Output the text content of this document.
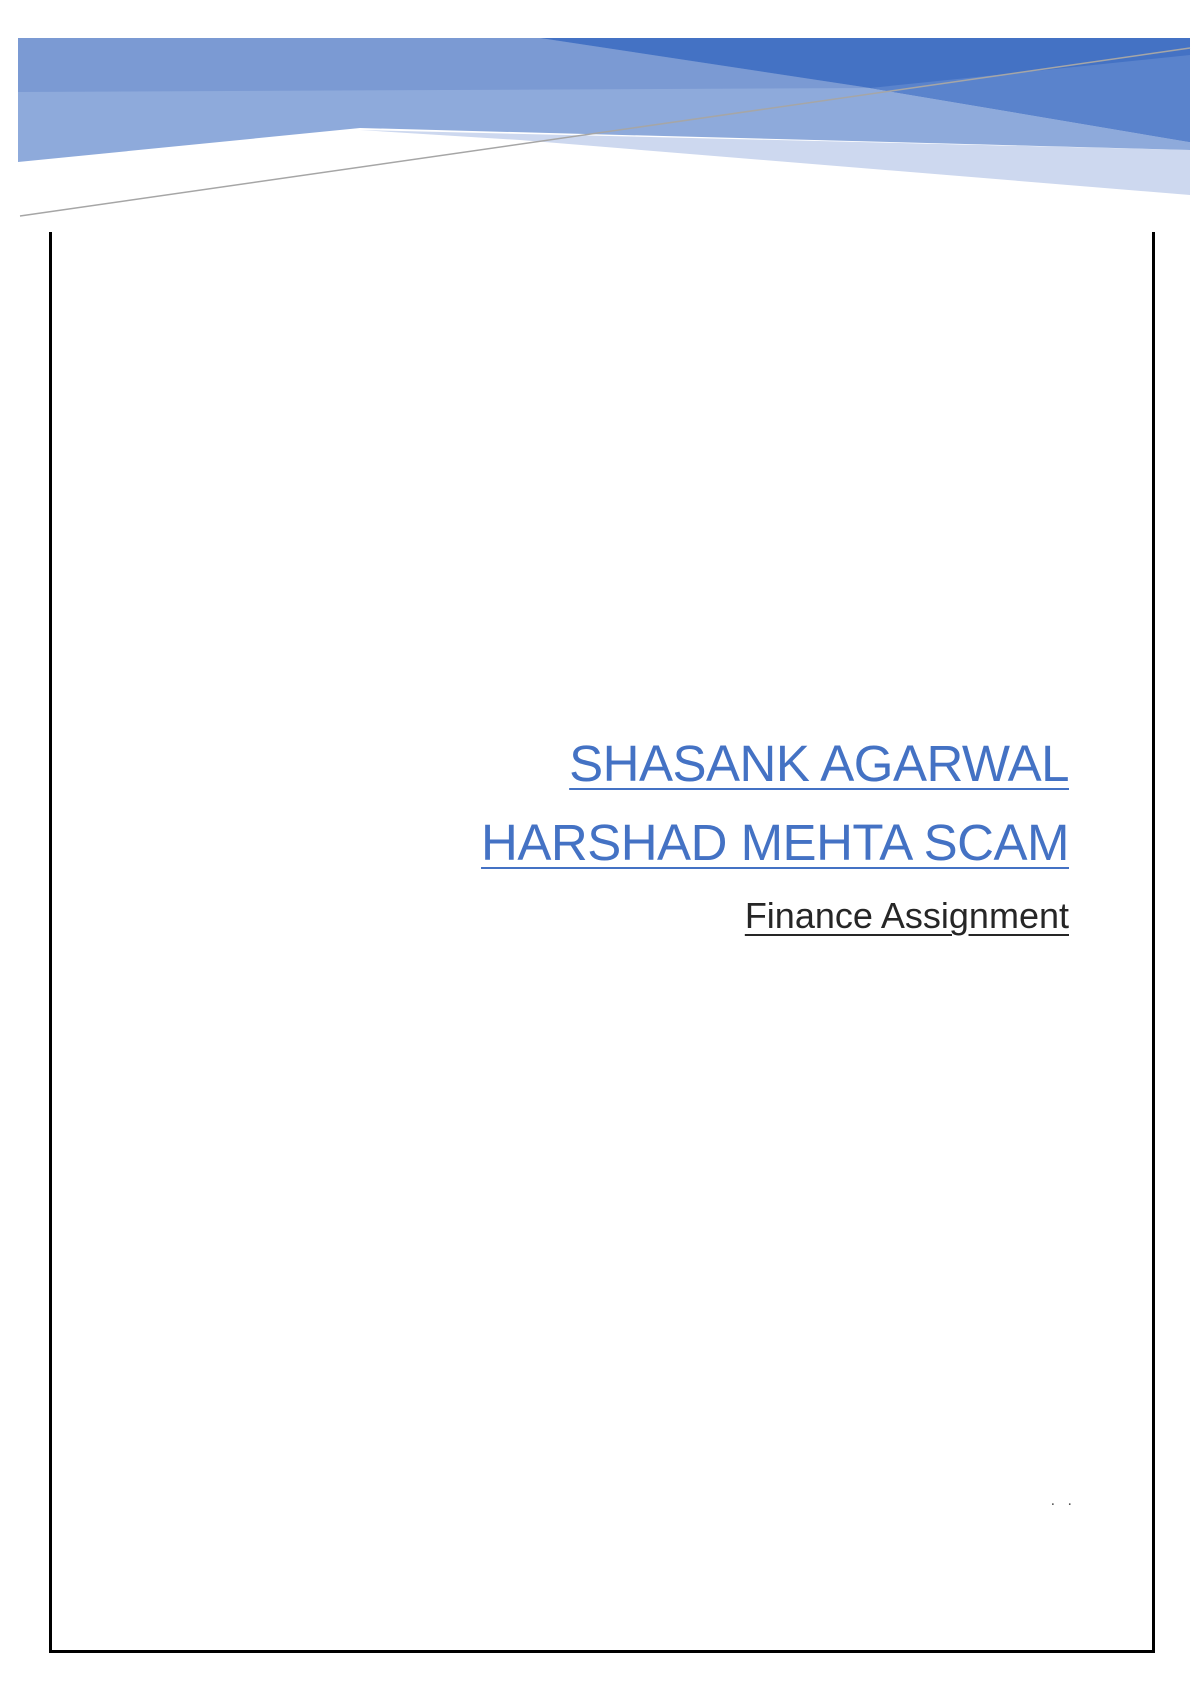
SHASANK AGARWAL
HARSHAD MEHTA SCAM
Finance Assignment
. .
